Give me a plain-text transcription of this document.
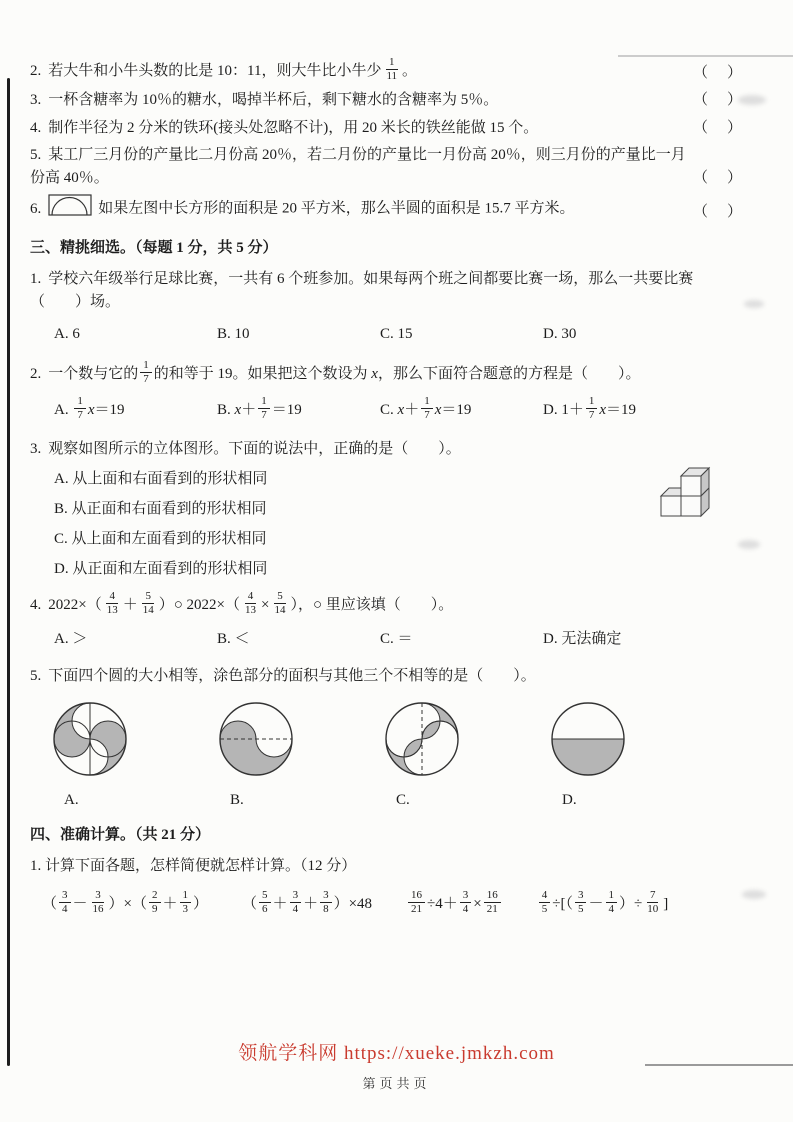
2. 若大牛和小牛头数的比是 10：11，则大牛比小牛少 $\frac{1}{11}$ 。	（　）
3. 一杯含糖率为 10％的糖水，喝掉半杯后，剩下糖水的含糖率为 5％。	（　）
4. 制作半径为 2 分米的铁环(接头处忽略不计)，用 20 米长的铁丝能做 15 个。	（　）
5. 某工厂三月份的产量比二月份高 20％，若二月份的产量比一月份高 20％，则三月份的产量比一月份高 40％。	（　）
6.	如果左图中长方形的面积是 20 平方米，那么半圆的面积是 15.7 平方米。	（　）
三、精挑细选。（每题 1 分，共 5 分）
1. 学校六年级举行足球比赛，一共有 6 个班参加。如果每两个班之间都要比赛一场，那么一共要比赛（　　）场。
A. 6	B. 10	C. 15	D. 30
2. 一个数与它的 $\frac{1}{7}$ 的和等于 19。如果把这个数设为 x，那么下面符合题意的方程是（　　）。
A. $\frac{1}{7} x=19$	B. $x+ \frac{1}{7} =19$	C. $x+ \frac{1}{7} x=19$	D. $1+ \frac{1}{7} x=19$
3. 观察如图所示的立体图形。下面的说法中，正确的是（　　）。
A. 从上面和右面看到的形状相同
B. 从正面和右面看到的形状相同
C. 从上面和左面看到的形状相同
D. 从正面和左面看到的形状相同
4. $2022\times( \frac{4}{13} + \frac{5}{14}$ ）○ $2022\times( \frac{4}{13} \times \frac{5}{14}$ ），○ 里应该填（　　）。
A. ＞	B. ＜	C. ＝	D. 无法确定
5. 下面四个圆的大小相等，涂色部分的面积与其他三个不相等的是（　　）。
A.	B.	C.	D.
四、准确计算。（共 21 分）
1. 计算下面各题，怎样简便就怎样计算。（12 分）
（ $\frac{3}{4} - \frac{3}{16}$ ）×（ $\frac{2}{9} + \frac{1}{3}$ ） （ $\frac{5}{6} + \frac{3}{4} + \frac{3}{8} )\times 48$	$\frac{16}{21} \div 4+ \frac{3}{4} \times \frac{16}{21}$	$\frac{4}{5}$ ÷[（ $\frac{3}{5} - \frac{1}{4}$ ）÷ $\frac{7}{10}$ ]
领航学科网 https://xueke.jmkzh.com
第页共页
